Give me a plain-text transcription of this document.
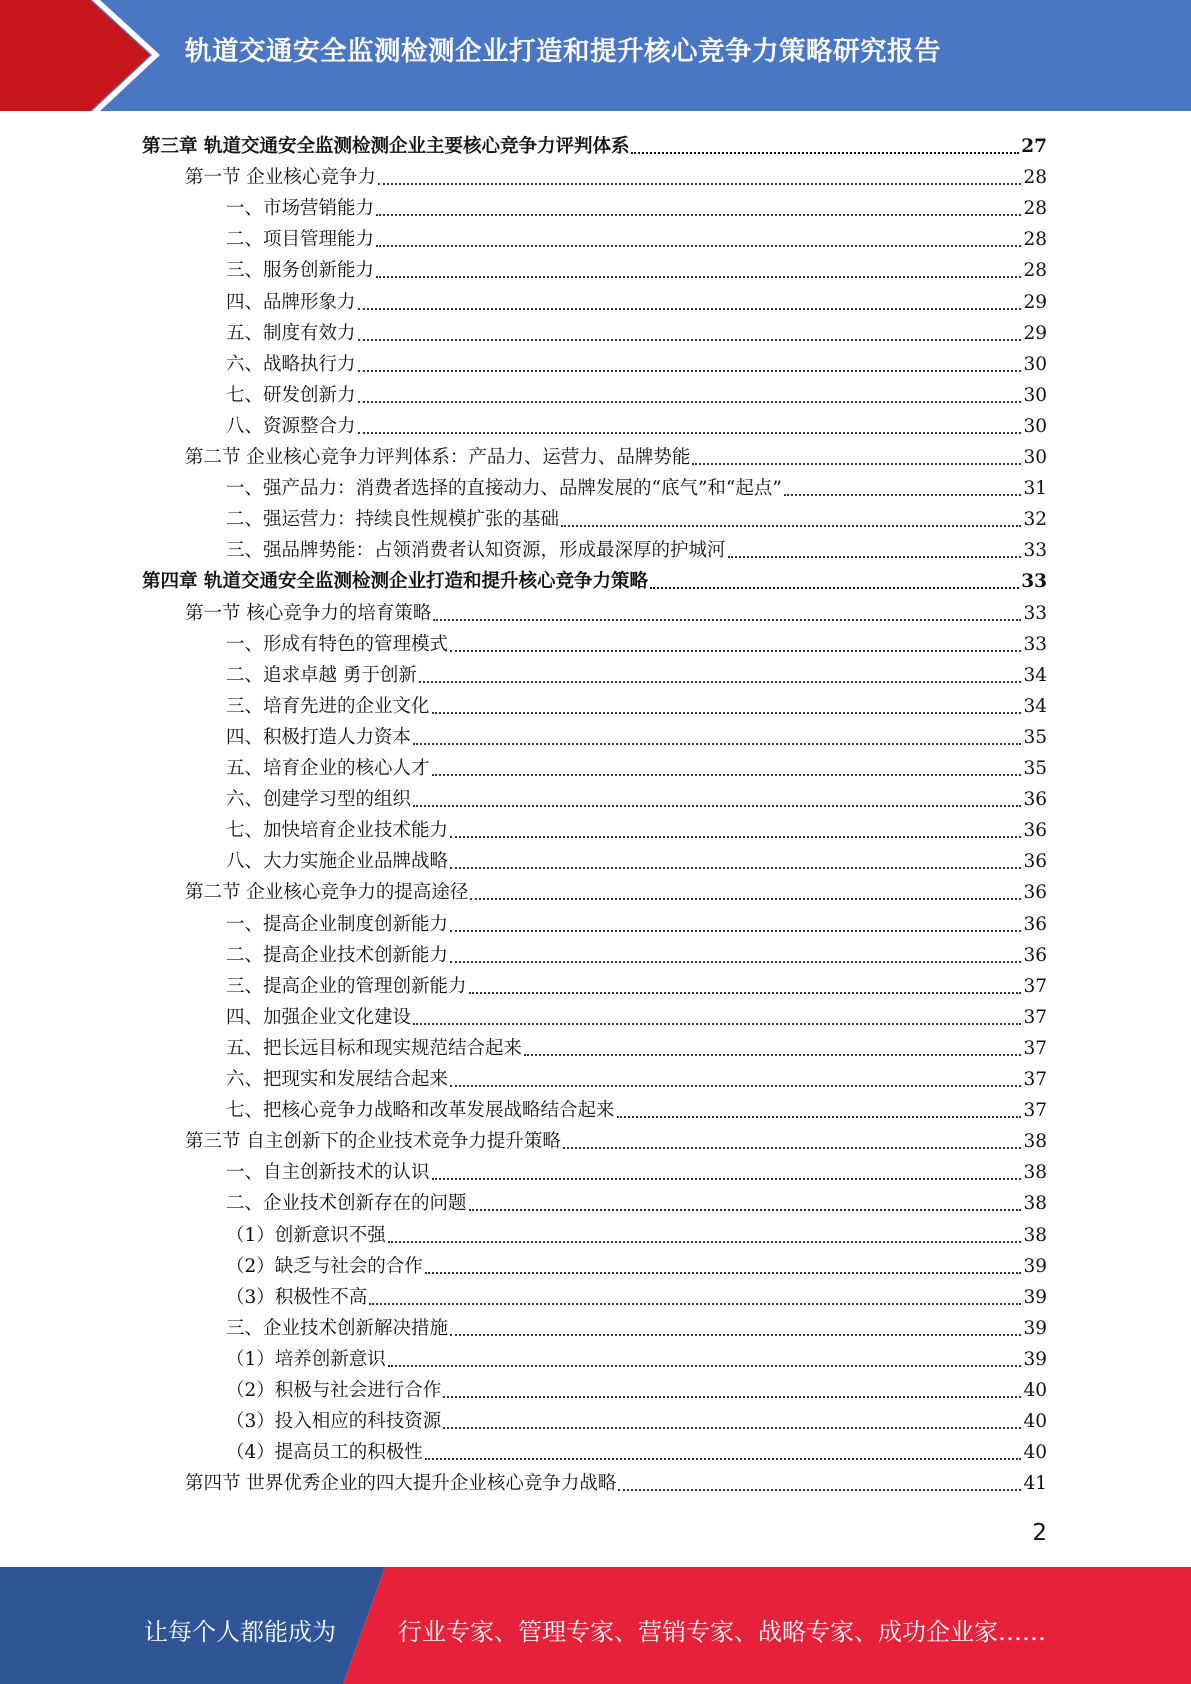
轨道交通安全监测检测企业打造和提升核心竞争力策略研究报告
第三章 轨道交通安全监测检测企业主要核心竞争力评判体系	27
第一节 企业核心竞争力	28
一、市场营销能力	28
二、项目管理能力	28
三、服务创新能力	28
四、品牌形象力	29
五、制度有效力	29
六、战略执行力	30
七、研发创新力	30
八、资源整合力	30
第二节 企业核心竞争力评判体系：产品力、运营力、品牌势能	30
一、强产品力：消费者选择的直接动力、品牌发展的“底气”和“起点”	31
二、强运营力：持续良性规模扩张的基础	32
三、强品牌势能：占领消费者认知资源，形成最深厚的护城河	33
第四章 轨道交通安全监测检测企业打造和提升核心竞争力策略	33
第一节 核心竞争力的培育策略	33
一、形成有特色的管理模式	33
二、追求卓越 勇于创新	34
三、培育先进的企业文化	34
四、积极打造人力资本	35
五、培育企业的核心人才	35
六、创建学习型的组织	36
七、加快培育企业技术能力	36
八、大力实施企业品牌战略	36
第二节 企业核心竞争力的提高途径	36
一、提高企业制度创新能力	36
二、提高企业技术创新能力	36
三、提高企业的管理创新能力	37
四、加强企业文化建设	37
五、把长远目标和现实规范结合起来	37
六、把现实和发展结合起来	37
七、把核心竞争力战略和改革发展战略结合起来	37
第三节 自主创新下的企业技术竞争力提升策略	38
一、自主创新技术的认识	38
二、企业技术创新存在的问题	38
（1）创新意识不强	38
（2）缺乏与社会的合作	39
（3）积极性不高	39
三、企业技术创新解决措施	39
（1）培养创新意识	39
（2）积极与社会进行合作	40
（3）投入相应的科技资源	40
（4）提高员工的积极性	40
第四节 世界优秀企业的四大提升企业核心竞争力战略	41
2
让每个人都能成为	行业专家、管理专家、营销专家、战略专家、成功企业家……
